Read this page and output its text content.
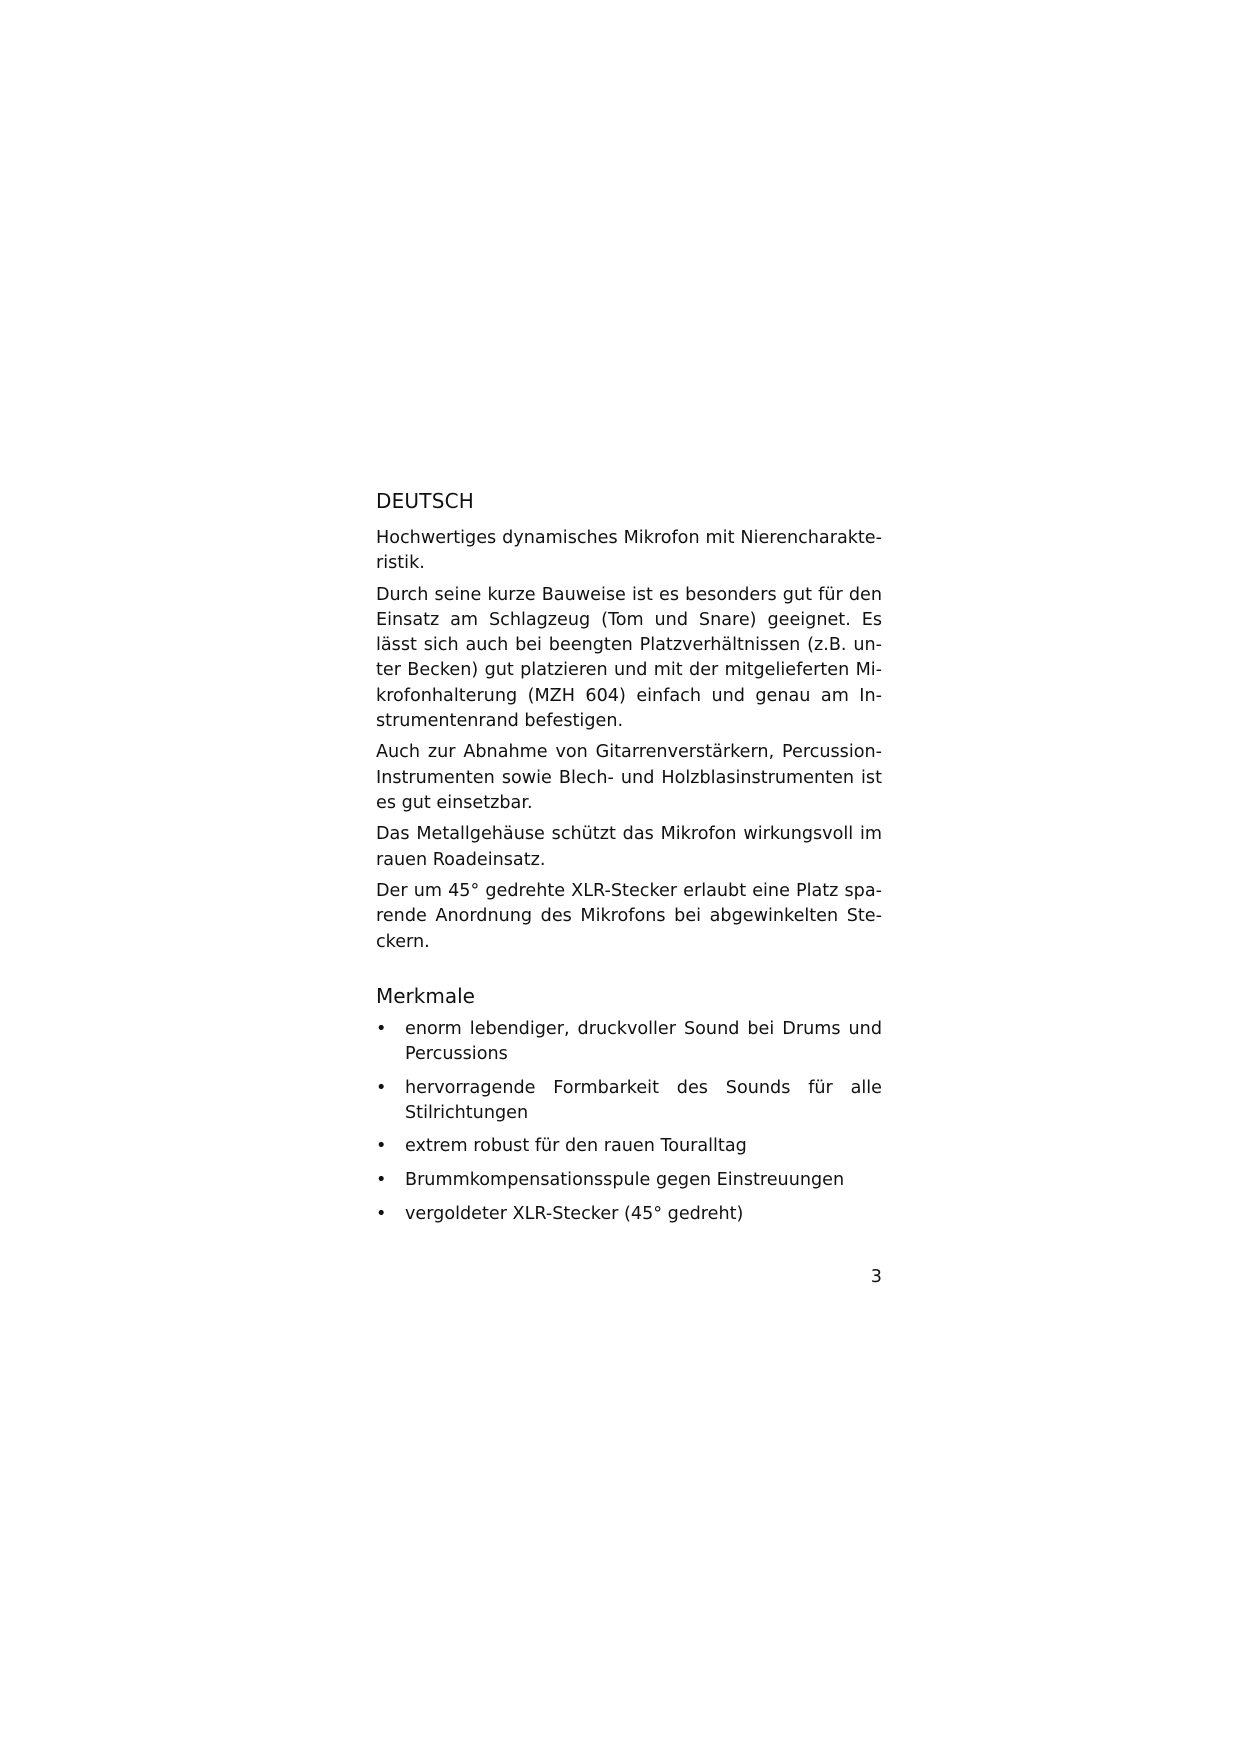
DEUTSCH

Hochwertiges dynamisches Mikrofon mit Nierencharakteristik.

Durch seine kurze Bauweise ist es besonders gut für den Einsatz am Schlagzeug (Tom und Snare) geeignet. Es lässt sich auch bei beengten Platzverhältnissen (z.B. unter Becken) gut platzieren und mit der mitgelieferten Mikrofonhalterung (MZH 604) einfach und genau am Instrumentenrand befestigen.

Auch zur Abnahme von Gitarrenverstärkern, Percussion-Instrumenten sowie Blech- und Holzblasinstrumenten ist es gut einsetzbar.

Das Metallgehäuse schützt das Mikrofon wirkungsvoll im rauen Roadeinsatz.

Der um 45° gedrehte XLR-Stecker erlaubt eine Platz sparende Anordnung des Mikrofons bei abgewinkelten Steckern.

Merkmale
• enorm lebendiger, druckvoller Sound bei Drums und Percussions
• hervorragende Formbarkeit des Sounds für alle Stilrichtungen
• extrem robust für den rauen Touralltag
• Brummkompensationsspule gegen Einstreuungen
• vergoldeter XLR-Stecker (45° gedreht)
3
